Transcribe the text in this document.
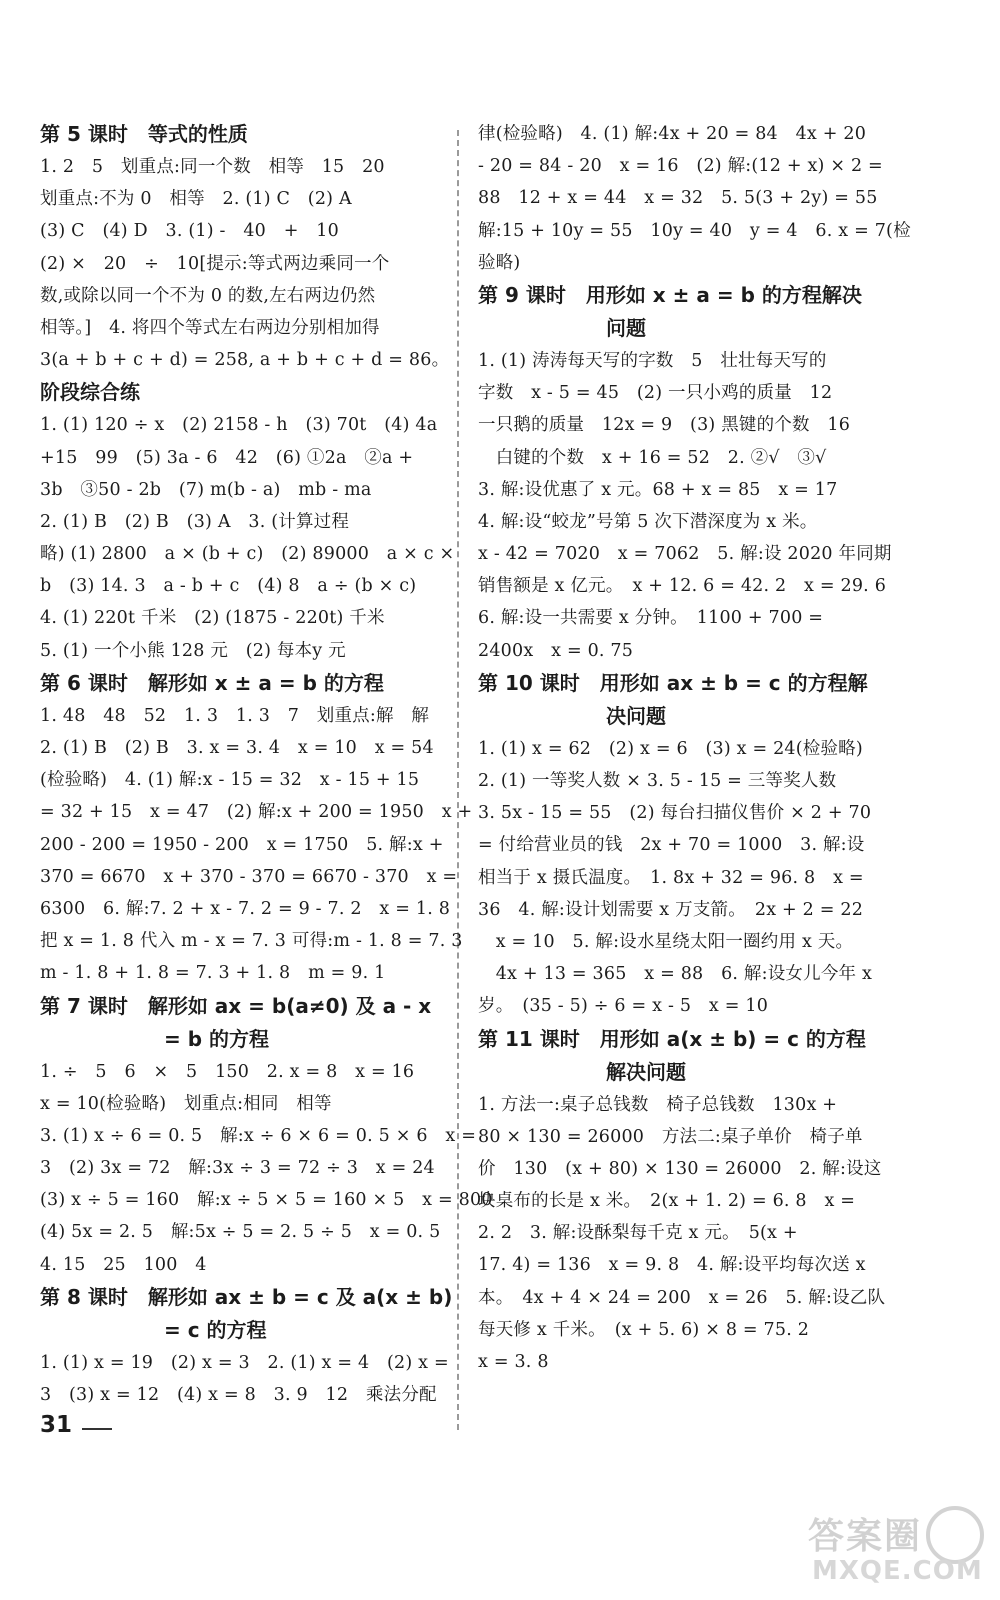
第 5 课时　等式的性质
1. 2　5　划重点:同一个数　相等　15　20
划重点:不为 0　相等　2. (1) C　(2) A
(3) C　(4) D　3. (1) -　40　+　10
(2) ×　20　÷　10[提示:等式两边乘同一个
数,或除以同一个不为 0 的数,左右两边仍然
相等。]　4. 将四个等式左右两边分别相加得
3(a + b + c + d) = 258, a + b + c + d = 86。
阶段综合练
1. (1) 120 ÷ x　(2) 2158 - h　(3) 70t　(4) 4a
+15　99　(5) 3a - 6　42　(6) ①2a　②a +
3b　③50 - 2b　(7) m(b - a)　mb - ma
2. (1) B　(2) B　(3) A　3. (计算过程
略) (1) 2800　a × (b + c)　(2) 89000　a × c ×
b　(3) 14. 3　a - b + c　(4) 8　a ÷ (b × c)
4. (1) 220t 千米　(2) (1875 - 220t) 千米
5. (1) 一个小熊 128 元　(2) 每本y 元
第 6 课时　解形如 x ± a = b 的方程
1. 48　48　52　1. 3　1. 3　7　划重点:解　解
2. (1) B　(2) B　3. x = 3. 4　x = 10　x = 54
(检验略)　4. (1) 解:x - 15 = 32　x - 15 + 15
= 32 + 15　x = 47　(2) 解:x + 200 = 1950　x +
200 - 200 = 1950 - 200　x = 1750　5. 解:x +
370 = 6670　x + 370 - 370 = 6670 - 370　x =
6300　6. 解:7. 2 + x - 7. 2 = 9 - 7. 2　x = 1. 8
把 x = 1. 8 代入 m - x = 7. 3 可得:m - 1. 8 = 7. 3
m - 1. 8 + 1. 8 = 7. 3 + 1. 8　m = 9. 1
第 7 课时　解形如 ax = b(a≠0) 及 a - x
= b 的方程
1. ÷　5　6　×　5　150　2. x = 8　x = 16
x = 10(检验略)　划重点:相同　相等
3. (1) x ÷ 6 = 0. 5　解:x ÷ 6 × 6 = 0. 5 × 6　x =
3　(2) 3x = 72　解:3x ÷ 3 = 72 ÷ 3　x = 24
(3) x ÷ 5 = 160　解:x ÷ 5 × 5 = 160 × 5　x = 800
(4) 5x = 2. 5　解:5x ÷ 5 = 2. 5 ÷ 5　x = 0. 5
4. 15　25　100　4
第 8 课时　解形如 ax ± b = c 及 a(x ± b)
= c 的方程
1. (1) x = 19　(2) x = 3　2. (1) x = 4　(2) x =
3　(3) x = 12　(4) x = 8　3. 9　12　乘法分配
律(检验略)　4. (1) 解:4x + 20 = 84　4x + 20
- 20 = 84 - 20　x = 16　(2) 解:(12 + x) × 2 =
88　12 + x = 44　x = 32　5. 5(3 + 2y) = 55
解:15 + 10y = 55　10y = 40　y = 4　6. x = 7(检
验略)
第 9 课时　用形如 x ± a = b 的方程解决
问题
1. (1) 涛涛每天写的字数　5　壮壮每天写的
字数　x - 5 = 45　(2) 一只小鸡的质量　12
一只鹅的质量　12x = 9　(3) 黑键的个数　16
　白键的个数　x + 16 = 52　2. ②√　③√
3. 解:设优惠了 x 元。68 + x = 85　x = 17
4. 解:设“蛟龙”号第 5 次下潜深度为 x 米。
x - 42 = 7020　x = 7062　5. 解:设 2020 年同期
销售额是 x 亿元。　x + 12. 6 = 42. 2　x = 29. 6
6. 解:设一共需要 x 分钟。　1100 + 700 =
2400x　x = 0. 75
第 10 课时　用形如 ax ± b = c 的方程解
决问题
1. (1) x = 62　(2) x = 6　(3) x = 24(检验略)
2. (1) 一等奖人数 × 3. 5 - 15 = 三等奖人数
3. 5x - 15 = 55　(2) 每台扫描仪售价 × 2 + 70
= 付给营业员的钱　2x + 70 = 1000　3. 解:设
相当于 x 摄氏温度。　1. 8x + 32 = 96. 8　x =
36　4. 解:设计划需要 x 万支箭。　2x + 2 = 22
　x = 10　5. 解:设水星绕太阳一圈约用 x 天。
　4x + 13 = 365　x = 88　6. 解:设女儿今年 x
岁。　(35 - 5) ÷ 6 = x - 5　x = 10
第 11 课时　用形如 a(x ± b) = c 的方程
解决问题
1. 方法一:桌子总钱数　椅子总钱数　130x +
80 × 130 = 26000　方法二:桌子单价　椅子单
价　130　(x + 80) × 130 = 26000　2. 解:设这
块桌布的长是 x 米。　2(x + 1. 2) = 6. 8　x =
2. 2　3. 解:设酥梨每千克 x 元。　5(x +
17. 4) = 136　x = 9. 8　4. 解:设平均每次送 x
本。　4x + 4 × 24 = 200　x = 26　5. 解:设乙队
每天修 x 千米。　(x + 5. 6) × 8 = 75. 2
x = 3. 8
31
答案圈
MXQE.COM
